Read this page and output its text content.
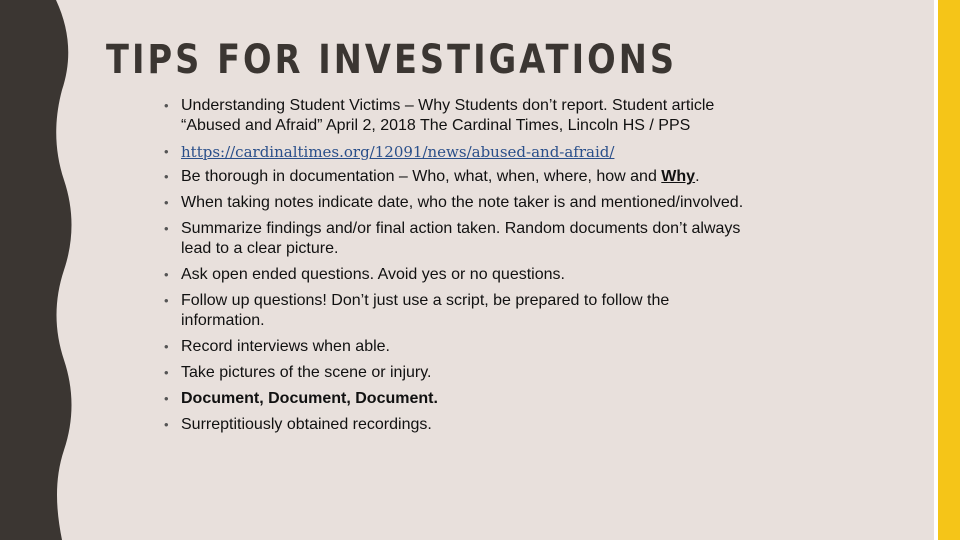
TIPS FOR INVESTIGATIONS
• Understanding Student Victims – Why Students don’t report. Student article “Abused and Afraid” April 2, 2018 The Cardinal Times, Lincoln HS / PPS
• https://cardinaltimes.org/12091/news/abused-and-afraid/
• Be thorough in documentation – Who, what, when, where, how and Why.
• When taking notes indicate date, who the note taker is and mentioned/involved.
• Summarize findings and/or final action taken. Random documents don’t always lead to a clear picture.
• Ask open ended questions. Avoid yes or no questions.
• Follow up questions! Don’t just use a script, be prepared to follow the information.
• Record interviews when able.
• Take pictures of the scene or injury.
• Document, Document, Document.
• Surreptitiously obtained recordings.
